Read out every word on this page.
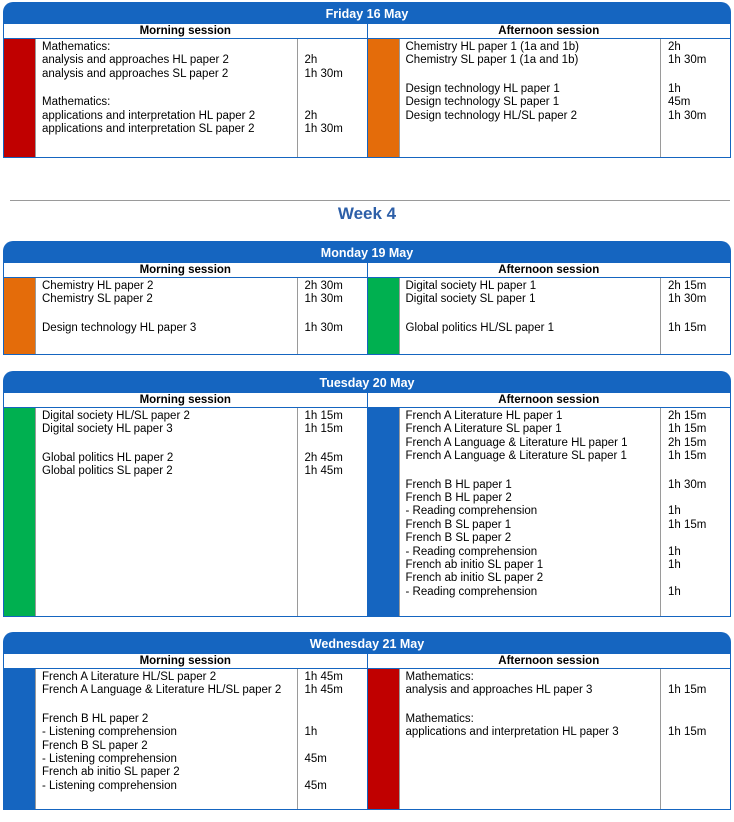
Week 4
Friday 16 May
Morning session
Mathematics:
analysis and approaches HL paper 2
analysis and approaches SL paper 2
Mathematics:
applications and interpretation HL paper 2
applications and interpretation SL paper 2
2h
1h 30m
2h
1h 30m
Afternoon session
Chemistry HL paper 1 (1a and 1b)
Chemistry SL paper 1 (1a and 1b)
Design technology HL paper 1
Design technology SL paper 1
Design technology HL/SL paper 2
2h
1h 30m
1h
45m
1h 30m
Monday 19 May
Morning session
Chemistry HL paper 2
Chemistry SL paper 2
Design technology HL paper 3
2h 30m
1h 30m
1h 30m
Afternoon session
Digital society HL paper 1
Digital society SL paper 1
Global politics HL/SL paper 1
2h 15m
1h 30m
1h 15m
Tuesday 20 May
Morning session
Digital society HL/SL paper 2
Digital society HL paper 3
Global politics HL paper 2
Global politics SL paper 2
1h 15m
1h 15m
2h 45m
1h 45m
Afternoon session
French A Literature HL paper 1
French A Literature SL paper 1
French A Language & Literature HL paper 1
French A Language & Literature SL paper 1
French B HL paper 1
French B HL paper 2
- Reading comprehension
French B SL paper 1
French B SL paper 2
- Reading comprehension
French ab initio SL paper 1
French ab initio SL paper 2
- Reading comprehension
2h 15m
1h 15m
2h 15m
1h 15m
1h 30m
1h
1h 15m
1h
1h
1h
Wednesday 21 May
Morning session
French A Literature HL/SL paper 2
French A Language & Literature HL/SL paper 2
French B HL paper 2
- Listening comprehension
French B SL paper 2
- Listening comprehension
French ab initio SL paper 2
- Listening comprehension
1h 45m
1h 45m
1h
45m
45m
Afternoon session
Mathematics:
analysis and approaches HL paper 3
Mathematics:
applications and interpretation HL paper 3
1h 15m
1h 15m
